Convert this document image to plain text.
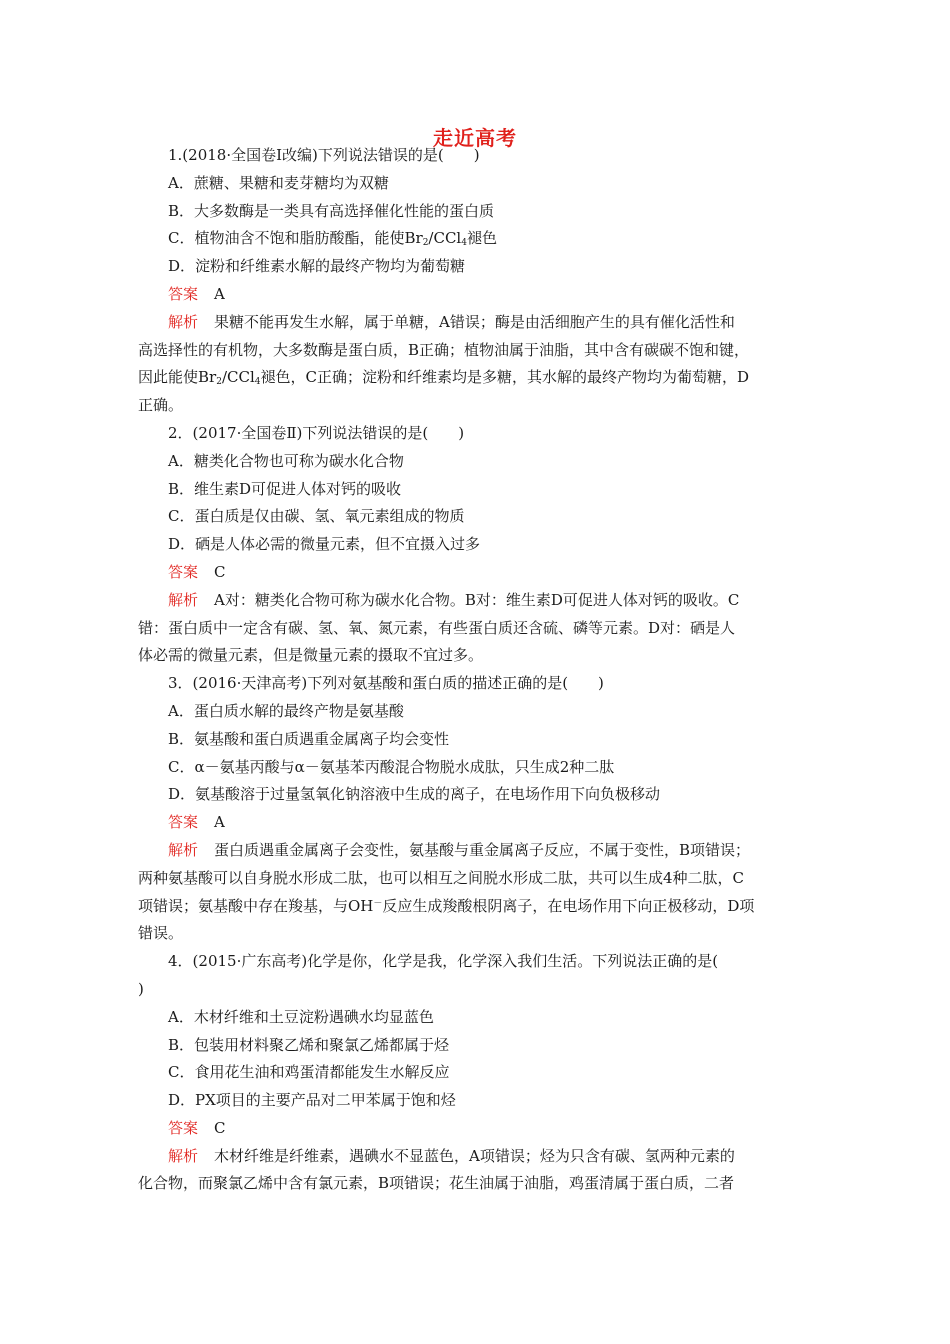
走近高考
1.(2018·全国卷Ⅰ改编)下列说法错误的是(　　)
A．蔗糖、果糖和麦芽糖均为双糖
B．大多数酶是一类具有高选择催化性能的蛋白质
C．植物油含不饱和脂肪酸酯，能使$Br_2/CCl_4$褪色
D．淀粉和纤维素水解的最终产物均为葡萄糖
答案 A
解析 果糖不能再发生水解，属于单糖，A错误；酶是由活细胞产生的具有催化活性和
高选择性的有机物，大多数酶是蛋白质，B正确；植物油属于油脂，其中含有碳碳不饱和键，
因此能使$Br_2/CCl_4$褪色，C正确；淀粉和纤维素均是多糖，其水解的最终产物均为葡萄糖，D
正确。
2．(2017·全国卷Ⅱ)下列说法错误的是(　　)
A．糖类化合物也可称为碳水化合物
B．维生素D可促进人体对钙的吸收
C．蛋白质是仅由碳、氢、氧元素组成的物质
D．硒是人体必需的微量元素，但不宜摄入过多
答案 C
解析 A对：糖类化合物可称为碳水化合物。B对：维生素D可促进人体对钙的吸收。C
错：蛋白质中一定含有碳、氢、氧、氮元素，有些蛋白质还含硫、磷等元素。D对：硒是人
体必需的微量元素，但是微量元素的摄取不宜过多。
3．(2016·天津高考)下列对氨基酸和蛋白质的描述正确的是(　　)
A．蛋白质水解的最终产物是氨基酸
B．氨基酸和蛋白质遇重金属离子均会变性
C．α－氨基丙酸与α－氨基苯丙酸混合物脱水成肽，只生成2种二肽
D．氨基酸溶于过量氢氧化钠溶液中生成的离子，在电场作用下向负极移动
答案 A
解析 蛋白质遇重金属离子会变性，氨基酸与重金属离子反应，不属于变性，B项错误；
两种氨基酸可以自身脱水形成二肽，也可以相互之间脱水形成二肽，共可以生成4种二肽，C
项错误；氨基酸中存在羧基，与OH－反应生成羧酸根阴离子，在电场作用下向正极移动，D项
错误。
4．(2015·广东高考)化学是你，化学是我，化学深入我们生活。下列说法正确的是(
)
A．木材纤维和土豆淀粉遇碘水均显蓝色
B．包装用材料聚乙烯和聚氯乙烯都属于烃
C．食用花生油和鸡蛋清都能发生水解反应
D．PX项目的主要产品对二甲苯属于饱和烃
答案 C
解析 木材纤维是纤维素，遇碘水不显蓝色，A项错误；烃为只含有碳、氢两种元素的
化合物，而聚氯乙烯中含有氯元素，B项错误；花生油属于油脂，鸡蛋清属于蛋白质，二者
